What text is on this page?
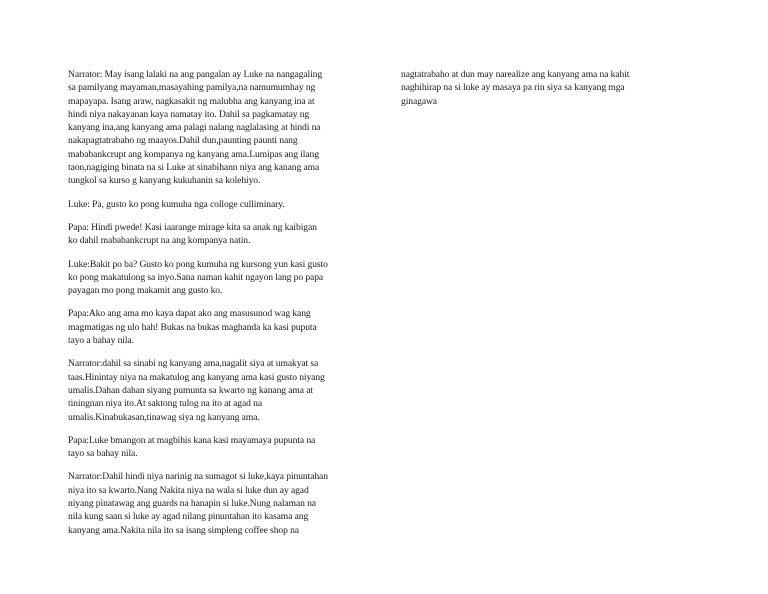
Narrator: May isang lalaki na ang pangalan ay Luke na nangagaling
sa pamilyang mayaman,masayahing pamilya,na namumumhay ng
mapayapa. Isang araw, nagkasakit ng malubha ang kanyang ina at
hindi niya nakayanan kaya namatay ito. Dahil sa pagkamatay ng
kanyang ina,ang kanyang ama palagi nalang naglalasing at hindi na
nakapagtatrabaho ng maayos.Dahil dun,paunting paunti nang
mababankcrupt ang kompanya ng kanyang ama.Lumipas ang ilang
taon,nagiging binata na si Luke at sinabihann niya ang kanang ama
tungkol sa kurso g kanyang kukuhanin sa kolehiyo.

Luke: Pa, gusto ko pong kumuha nga colloge culliminary.

Papa: Hindi pwede! Kasi iaarange mirage kita sa anak ng kaibigan
ko dahil mababankcrupt na ang kompanya natin.

Luke:Bakit po ba? Gusto ko pong kumuha ng kursong yun kasi gusto
ko pong makatulong sa inyo.Sana naman kahit ngayon lang po papa
payagan mo pong makamit ang gusto ko.

Papa:Ako ang ama mo kaya dapat ako ang masusunod wag kang
magmatigas ng ulo hah! Bukas na bukas maghanda ka kasi puputa
tayo a bahay nila.

Narrator:dahil sa sinabi ng kanyang ama,nagalit siya at umakyat sa
taas.Hinintay niya na makatulog ang kanyang ama kasi gusto niyang
umalis.Dahan dahan siyang pumunta sa kwarto ng kanang ama at
tiningnan niya ito.At saktong tulog na ito at agad na
umalis.Kinabukasan,tinawag siya ng kanyang ama.

Papa:Luke bmangon at magbihis kana kasi mayamaya pupunta na
tayo sa bahay nila.

Narrator:Dahil hindi niya narinig na sumagot si luke,kaya pinuntahan
niya ito sa kwarto.Nang Nakita niya na wala si luke dun ay agad
niyang pinatawag ang guards na hanapin si luke.Nung nalaman na
nila kung saan si luke ay agad nilang pinuntahan ito kasama ang
kanyang ama.Nakita nila ito sa isang simpleng coffee shop na

nagtatrabaho at dun may narealize ang kanyang ama na kahit
naghihirap na si luke ay masaya pa rin siya sa kanyang mga
ginagawa
